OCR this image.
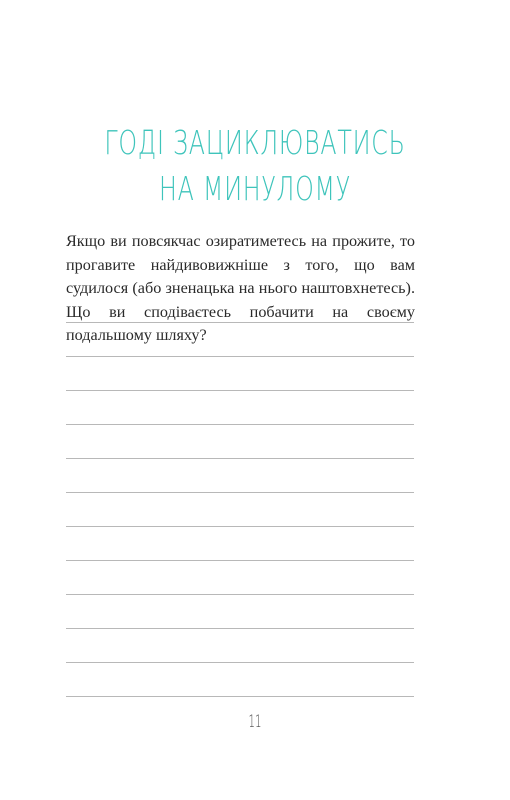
ГОДІ ЗАЦИКЛЮВАТИСЬ
НА МИНУЛОМУ

Якщо ви повсякчас озиратиметесь на прожите, то прогавите найдивовижніше з того, що вам судилося (або зненацька на нього наштовхнетесь). Що ви сподіваєтесь побачити на своєму подальшому шляху?

11
